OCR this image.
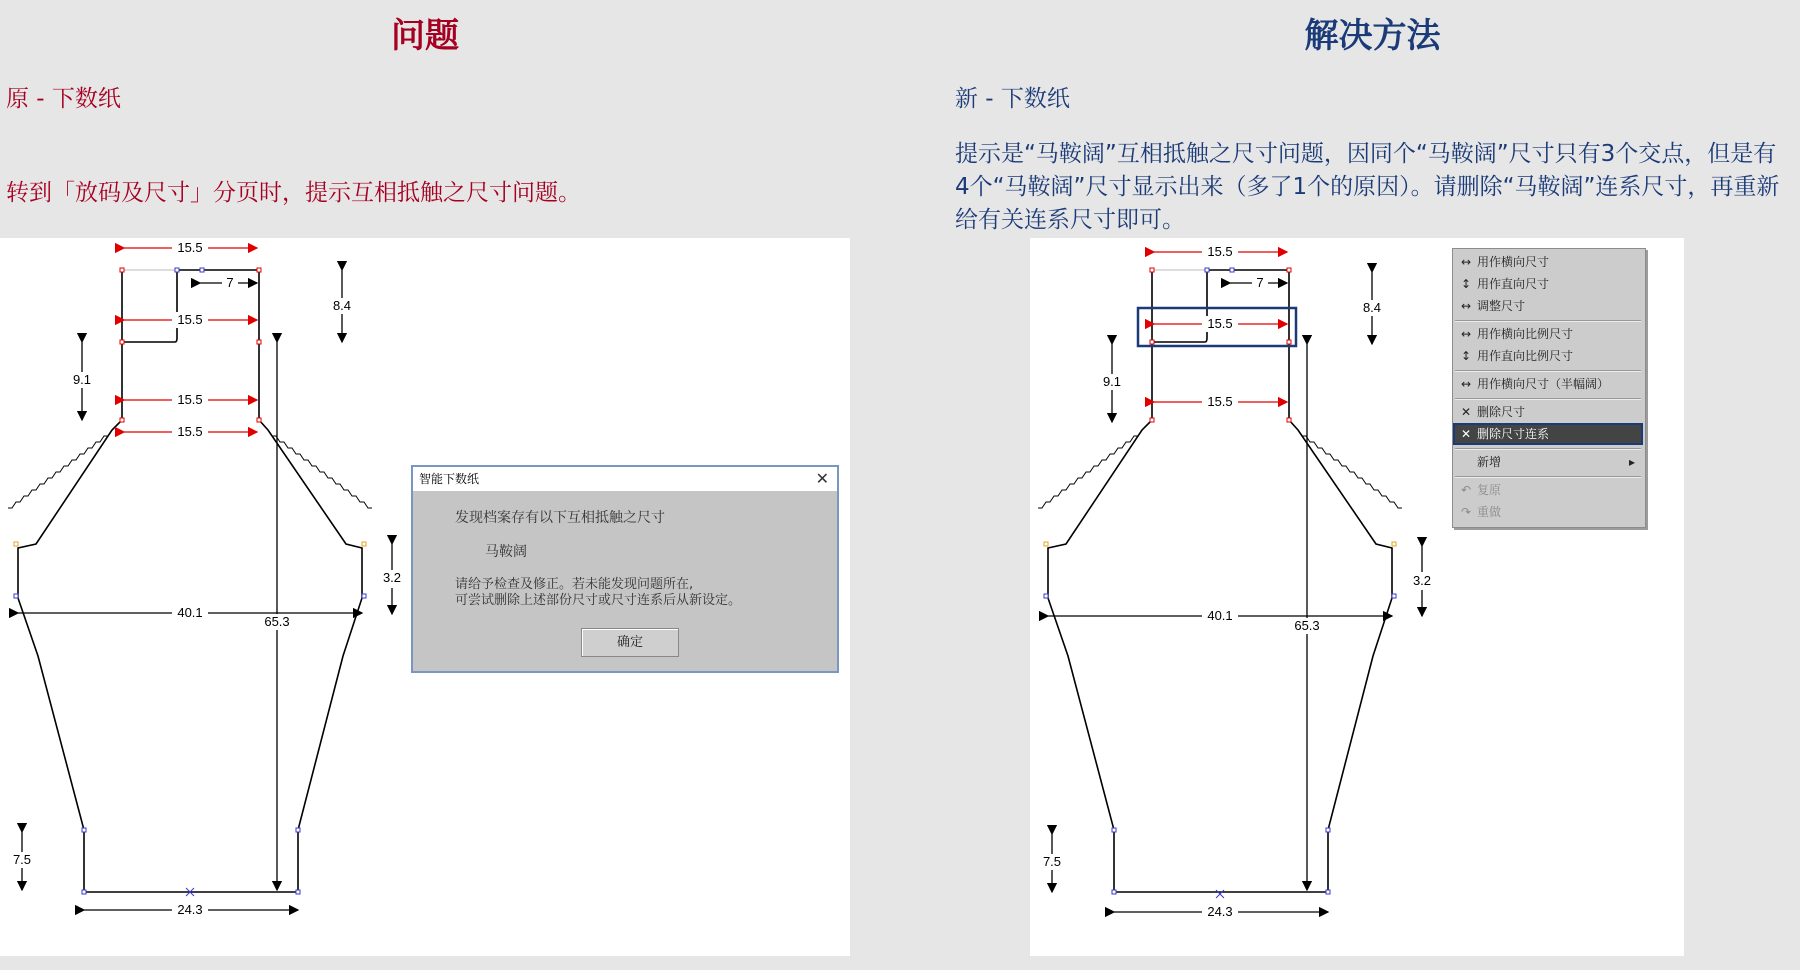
问题	解决方法
原 - 下数纸
转到「放码及尺寸」分页时，提示互相抵触之尺寸问题。
新 - 下数纸
提示是“马鞍阔”互相抵触之尺寸问题，因同个“马鞍阔”尺寸只有3个交点，但是有4个“马鞍阔”尺寸显示出来（多了1个的原因）。请删除“马鞍阔”连系尺寸，再重新给有关连系尺寸即可。
15.5
7
15.5
15.5
15.5
8.4
9.1
3.2
40.1
65.3
7.5
24.3
智能下数纸	✕
发现档案存有以下互相抵触之尺寸
马鞍阔
请给予检查及修正。若未能发现问题所在,
可尝试删除上述部份尺寸或尺寸连系后从新设定。
确定
15.5
7
15.5
15.5
8.4
9.1
3.2
40.1
65.3
7.5
24.3
↔ 用作横向尺寸
↕ 用作直向尺寸
↔ 调整尺寸
↔ 用作横向比例尺寸
↕ 用作直向比例尺寸
↔ 用作横向尺寸（半幅阔）
✕ 删除尺寸
✕ 删除尺寸连系
新增	▸
↶ 复原
↷ 重做
